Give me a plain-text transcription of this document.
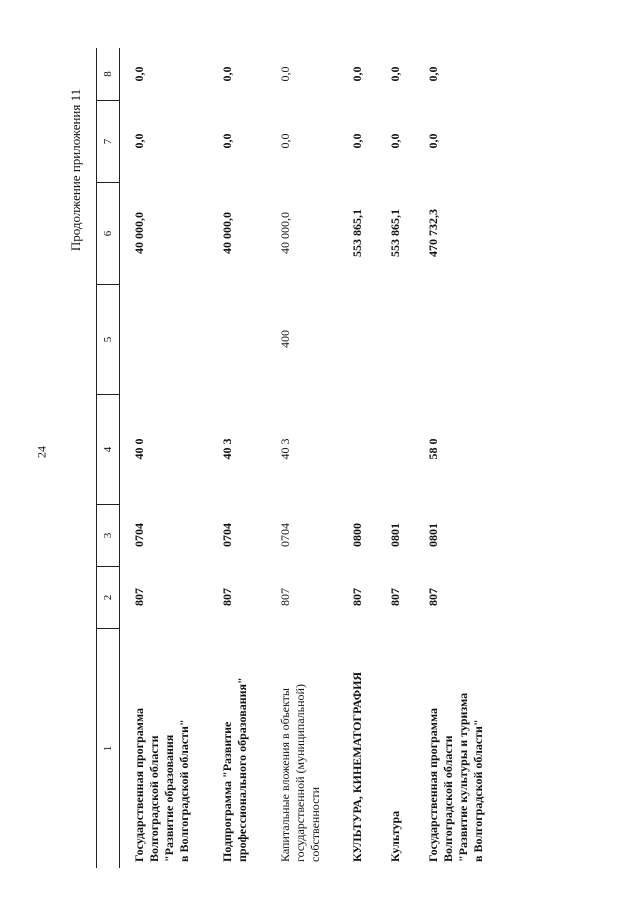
24
Продолжение приложения 11
1
2
3
4
5
6
7
8
Государственная программа Волгоградской области "Развитие образования в Волгоградской области"
807
0704
40 0
40 000,0
0,0
0,0
Подпрограмма "Развитие профессионального образования"
807
0704
40 3
40 000,0
0,0
0,0
Капитальные вложения в объекты государственной (муниципальной) собственности
807
0704
40 3
400
40 000,0
0,0
0,0
КУЛЬТУРА, КИНЕМАТОГРАФИЯ
807
0800
553 865,1
0,0
0,0
Культура
807
0801
553 865,1
0,0
0,0
Государственная программа Волгоградской области "Развитие культуры и туризма в Волгоградской области"
807
0801
58 0
470 732,3
0,0
0,0
